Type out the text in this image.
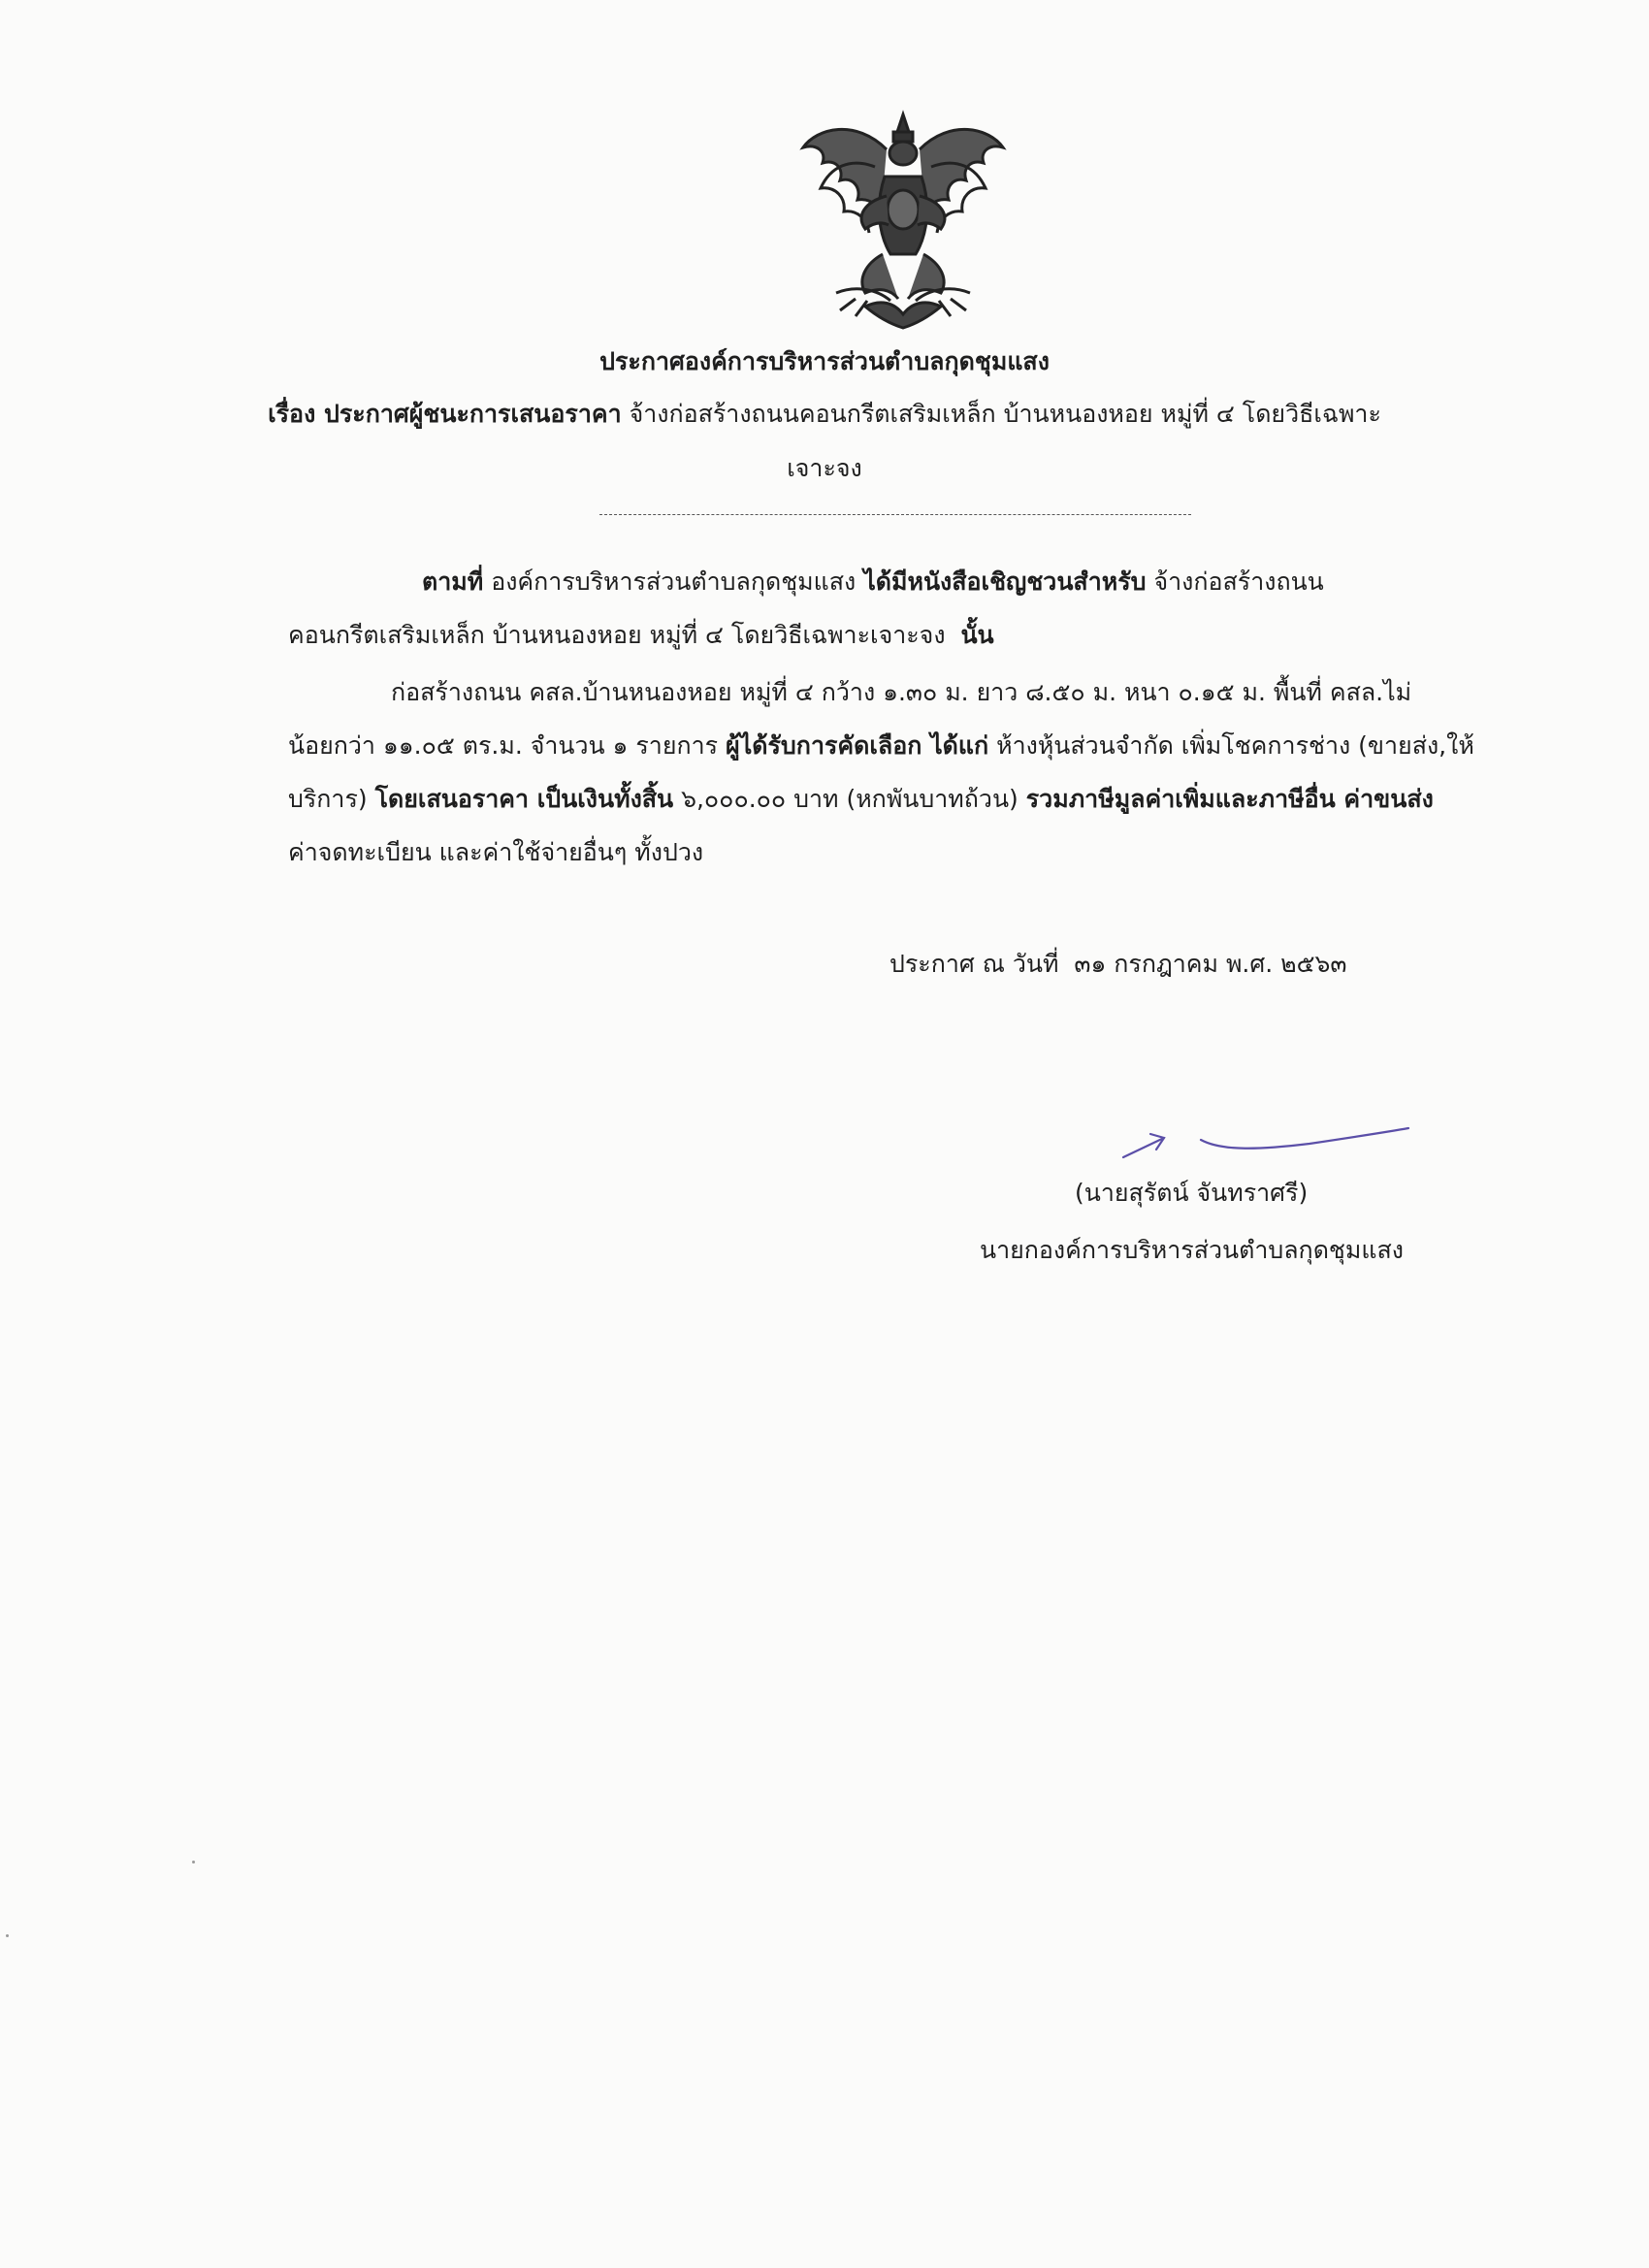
ประกาศองค์การบริหารส่วนตำบลกุดชุมแสง
เรื่อง ประกาศผู้ชนะการเสนอราคา จ้างก่อสร้างถนนคอนกรีตเสริมเหล็ก บ้านหนองหอย หมู่ที่ ๔ โดยวิธีเฉพาะ
เจาะจง
ตามที่ องค์การบริหารส่วนตำบลกุดชุมแสง ได้มีหนังสือเชิญชวนสำหรับ จ้างก่อสร้างถนน
คอนกรีตเสริมเหล็ก บ้านหนองหอย หมู่ที่ ๔ โดยวิธีเฉพาะเจาะจง นั้น
ก่อสร้างถนน คสล.บ้านหนองหอย หมู่ที่ ๔ กว้าง ๑.๓๐ ม. ยาว ๘.๕๐ ม. หนา ๐.๑๕ ม. พื้นที่ คสล.ไม่
น้อยกว่า ๑๑.๐๕ ตร.ม. จำนวน ๑ รายการ ผู้ได้รับการคัดเลือก ได้แก่ ห้างหุ้นส่วนจำกัด เพิ่มโชคการช่าง (ขายส่ง,ให้
บริการ) โดยเสนอราคา เป็นเงินทั้งสิ้น ๖,๐๐๐.๐๐ บาท (หกพันบาทถ้วน) รวมภาษีมูลค่าเพิ่มและภาษีอื่น ค่าขนส่ง
ค่าจดทะเบียน และค่าใช้จ่ายอื่นๆ ทั้งปวง
ประกาศ ณ วันที่ ๓๑ กรกฎาคม พ.ศ. ๒๕๖๓
(นายสุรัตน์ จันทราศรี)
นายกองค์การบริหารส่วนตำบลกุดชุมแสง
